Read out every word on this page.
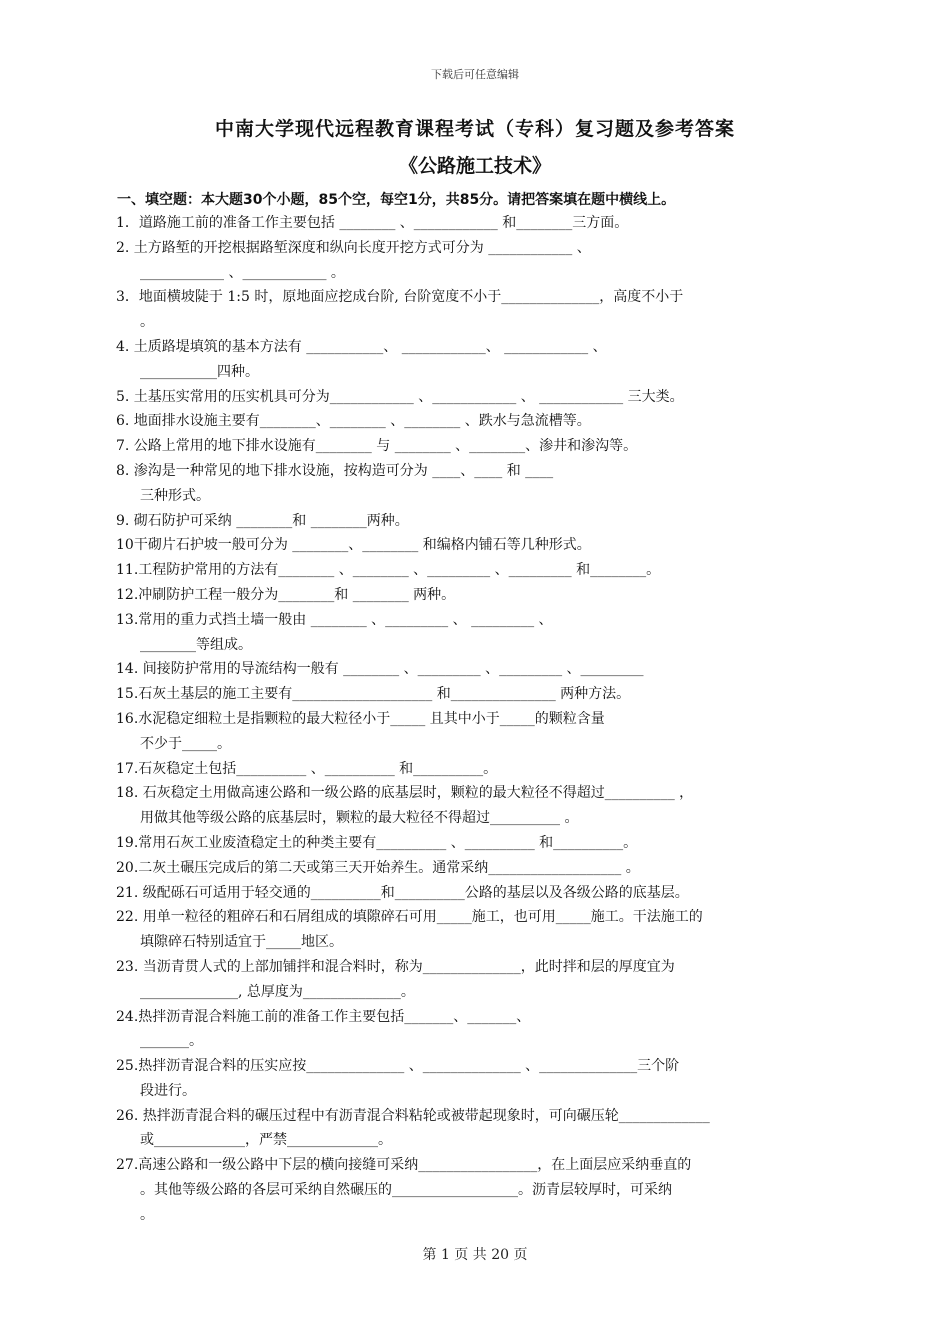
下载后可任意编辑
中南大学现代远程教育课程考试（专科）复习题及参考答案
《公路施工技术》
一、填空题：本大题30个小题，85个空，每空1分，共85分。请把答案填在题中横线上。
1．道路施工前的准备工作主要包括 ________ 、____________ 和________三方面。
2. 土方路堑的开挖根据路堑深度和纵向长度开挖方式可分为 ____________ 、
____________ 、____________ 。
3．地面横坡陡于 1:5 时，原地面应挖成台阶, 台阶宽度不小于______________，高度不小于
。
4. 土质路堤填筑的基本方法有 ___________、 ____________、 ____________ 、
___________四种。
5. 土基压实常用的压实机具可分为____________ 、____________ 、 ____________ 三大类。
6. 地面排水设施主要有________、________ 、________ 、跌水与急流槽等。
7. 公路上常用的地下排水设施有________ 与 ________ 、________、渗井和渗沟等。
8. 渗沟是一种常见的地下排水设施，按构造可分为 ____、____ 和 ____
三种形式。
9. 砌石防护可采纳 ________和 ________两种。
10干砌片石护坡一般可分为 ________、________ 和编格内铺石等几种形式。
11.工程防护常用的方法有________ 、________ 、_________ 、_________ 和________。
12.冲刷防护工程一般分为________和 ________ 两种。
13.常用的重力式挡土墙一般由 ________ 、_________ 、 _________ 、
________等组成。
14. 间接防护常用的导流结构一般有 ________ 、_________ 、_________ 、_________
15.石灰土基层的施工主要有____________________ 和_______________ 两种方法。
16.水泥稳定细粒土是指颗粒的最大粒径小于_____ 且其中小于_____的颗粒含量
不少于_____。
17.石灰稳定土包括__________ 、__________ 和__________。
18. 石灰稳定土用做高速公路和一级公路的底基层时，颗粒的最大粒径不得超过__________ ，
用做其他等级公路的底基层时，颗粒的最大粒径不得超过__________ 。
19.常用石灰工业废渣稳定土的种类主要有__________ 、__________ 和__________。
20.二灰土碾压完成后的第二天或第三天开始养生。通常采纳___________________ 。
21. 级配砾石可适用于轻交通的__________和__________公路的基层以及各级公路的底基层。
22. 用单一粒径的粗碎石和石屑组成的填隙碎石可用_____施工，也可用_____施工。干法施工的
填隙碎石特别适宜于_____地区。
23. 当沥青贯人式的上部加铺拌和混合料时，称为______________，此时拌和层的厚度宜为
______________, 总厚度为______________。
24.热拌沥青混合料施工前的准备工作主要包括_______、_______、
_______。
25.热拌沥青混合料的压实应按______________ 、______________ 、______________三个阶
段进行。
26. 热拌沥青混合料的碾压过程中有沥青混合料粘轮或被带起现象时，可向碾压轮_____________
或_____________，严禁_____________。
27.高速公路和一级公路中下层的横向接缝可采纳_________________，在上面层应采纳垂直的
。其他等级公路的各层可采纳自然碾压的__________________。沥青层较厚时，可采纳
。
第 1 页 共 20 页
